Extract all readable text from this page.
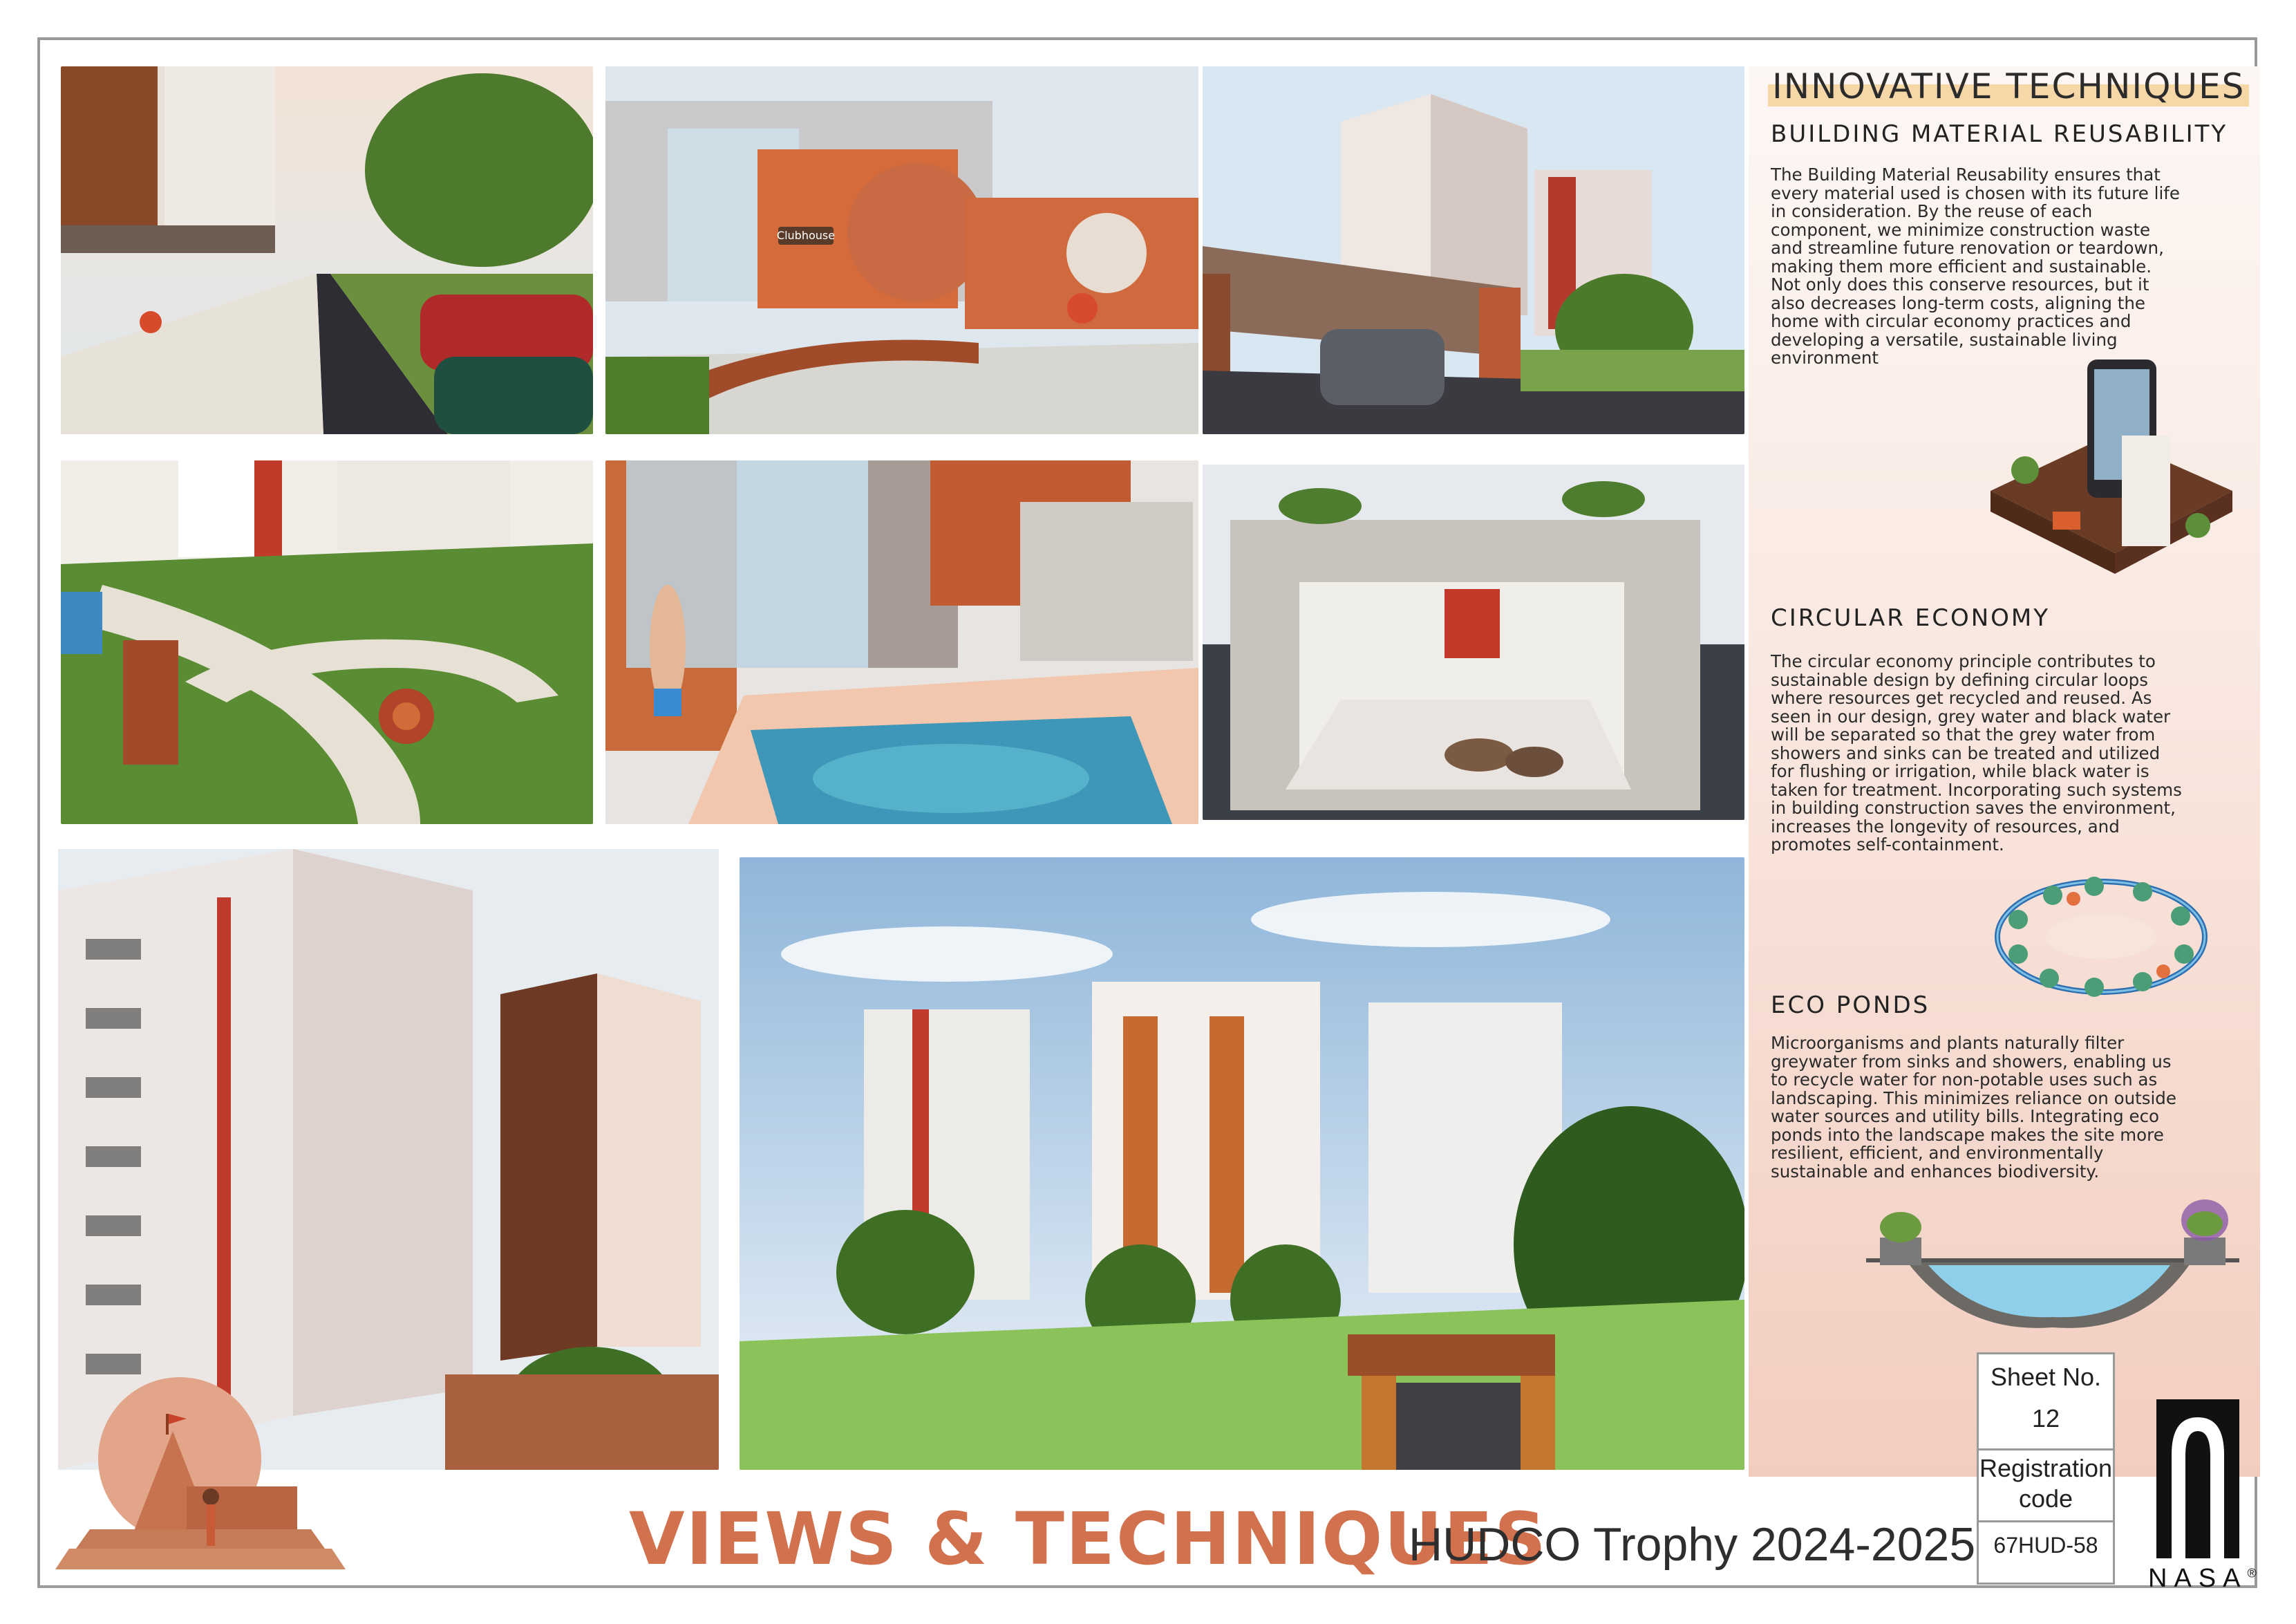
Clubhouse
INNOVATIVE TECHNIQUES
BUILDING MATERIAL REUSABILITY
The Building Material Reusability ensures that
every material used is chosen with its future life
in consideration. By the reuse of each
component, we minimize construction waste
and streamline future renovation or teardown,
making them more efficient and sustainable.
Not only does this conserve resources, but it
also decreases long-term costs, aligning the
home with circular economy practices and
developing a versatile, sustainable living
environment
CIRCULAR ECONOMY
The circular economy principle contributes to
sustainable design by defining circular loops
where resources get recycled and reused. As
seen in our design, grey water and black water
will be separated so that the grey water from
showers and sinks can be treated and utilized
for flushing or irrigation, while black water is
taken for treatment. Incorporating such systems
in building construction saves the environment,
increases the longevity of resources, and
promotes self-containment.
ECO PONDS
Microorganisms and plants naturally filter
greywater from sinks and showers, enabling us
to recycle water for non-potable uses such as
landscaping. This minimizes reliance on outside
water sources and utility bills. Integrating eco
ponds into the landscape makes the site more
resilient, efficient, and environmentally
sustainable and enhances biodiversity.
VIEWS & TECHNIQUES
HUDCO Trophy 2024-2025
Sheet No.
12
Registration
code
67HUD-58
NASA®
